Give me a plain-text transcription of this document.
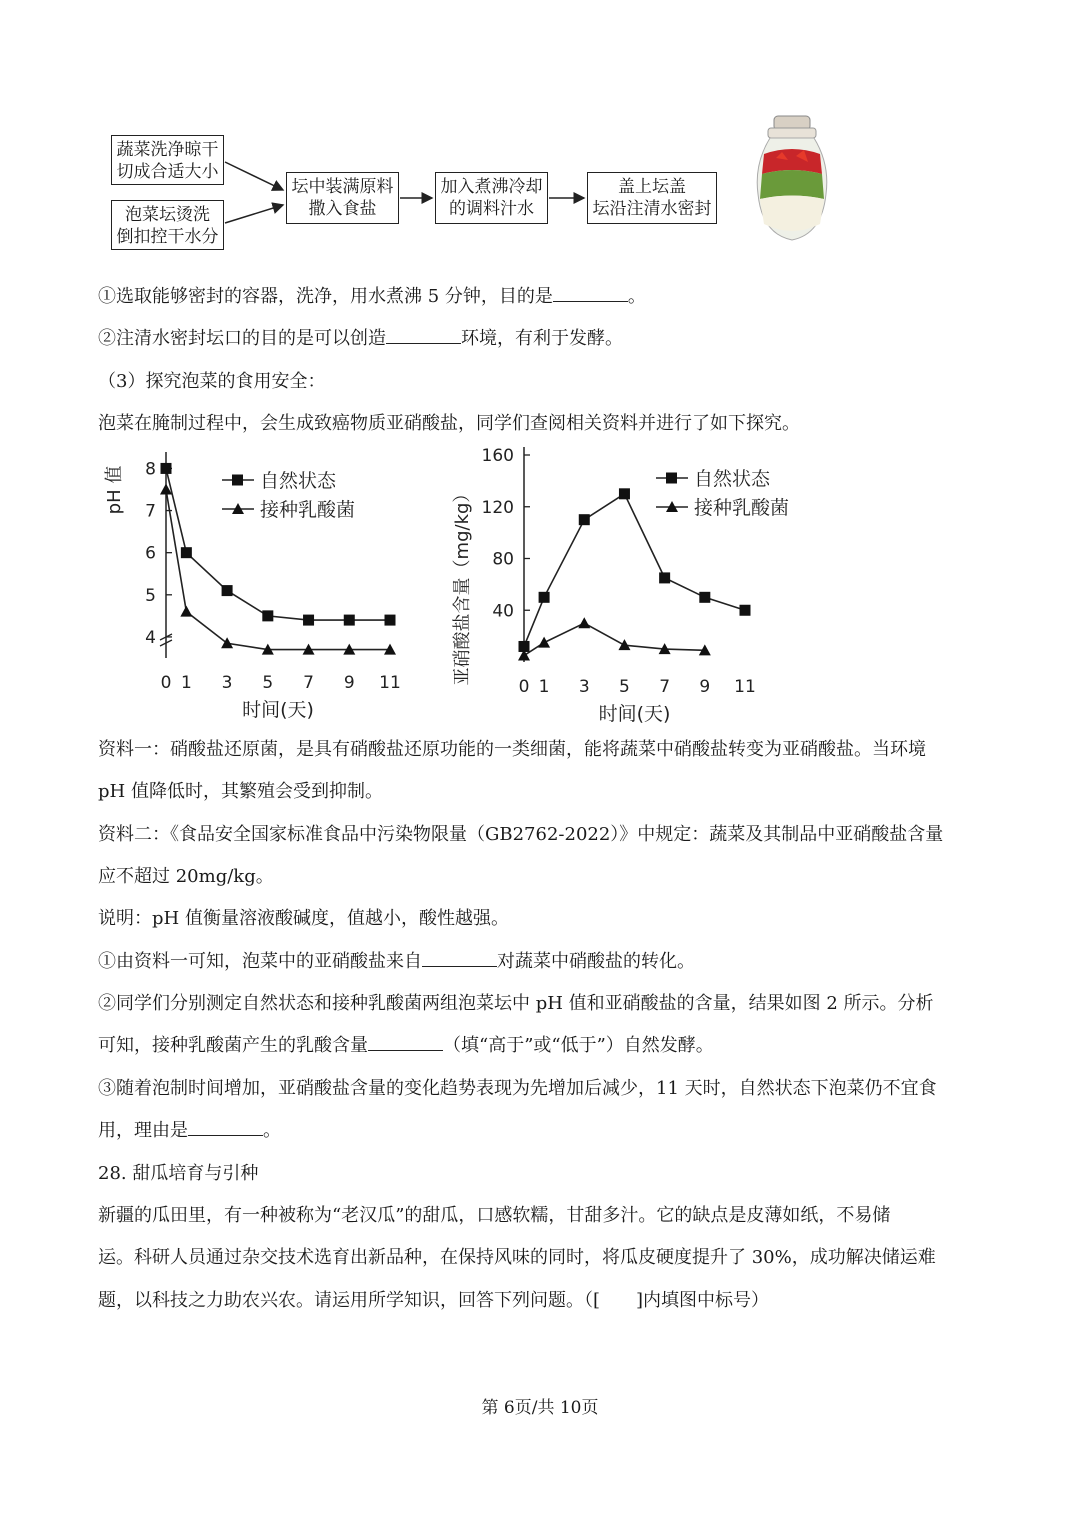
蔬菜洗净晾干
切成合适大小
泡菜坛烫洗
倒扣控干水分
坛中装满原料
撒入食盐
加入煮沸冷却
的调料汁水
盖上坛盖
坛沿注清水密封
①选取能够密封的容器，洗净，用水煮沸 5 分钟，目的是	。
②注清水密封坛口的目的是可以创造	环境，有利于发酵。
（3）探究泡菜的食用安全：
泡菜在腌制过程中，会生成致癌物质亚硝酸盐，同学们查阅相关资料并进行了如下探究。
4
5
6
7
8
0 1 3 5 7 9 11
时间(天)
pH 值	自然状态
接种乳酸菌
40
80
120
160
0 1 3 5 7 9 11
时间(天)
亚硝酸盐含量（mg/kg）
自然状态
接种乳酸菌
资料一：硝酸盐还原菌，是具有硝酸盐还原功能的一类细菌，能将蔬菜中硝酸盐转变为亚硝酸盐。当环境
pH 值降低时，其繁殖会受到抑制。
资料二：《食品安全国家标准食品中污染物限量（GB2762-2022）》中规定：蔬菜及其制品中亚硝酸盐含量
应不超过 20mg/kg。
说明：pH 值衡量溶液酸碱度，值越小，酸性越强。
①由资料一可知，泡菜中的亚硝酸盐来自	对蔬菜中硝酸盐的转化。
②同学们分别测定自然状态和接种乳酸菌两组泡菜坛中 pH 值和亚硝酸盐的含量，结果如图 2 所示。分析
可知，接种乳酸菌产生的乳酸含量	（填“高于”或“低于”）自然发酵。
③随着泡制时间增加，亚硝酸盐含量的变化趋势表现为先增加后减少，11 天时，自然状态下泡菜仍不宜食
用，理由是	。
28. 甜瓜培育与引种
新疆的瓜田里，有一种被称为“老汉瓜”的甜瓜，口感软糯，甘甜多汁。它的缺点是皮薄如纸，不易储
运。科研人员通过杂交技术选育出新品种，在保持风味的同时，将瓜皮硬度提升了 30%，成功解决储运难
题，以科技之力助农兴农。请运用所学知识，回答下列问题。（[　　]内填图中标号）
第 6页/共 10页
